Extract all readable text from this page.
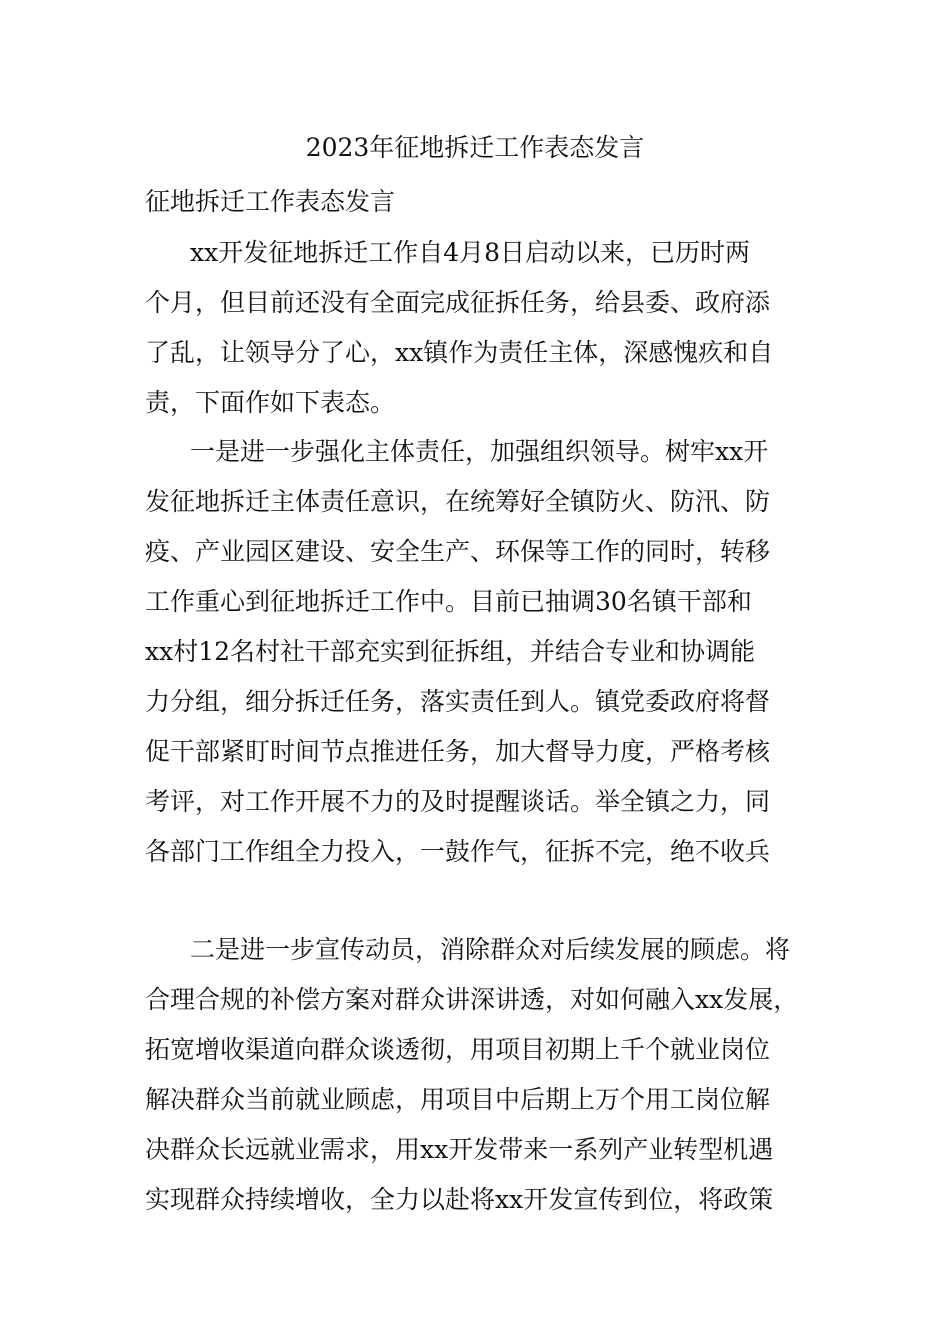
2023年征地拆迁工作表态发言
征地拆迁工作表态发言
xx开发征地拆迁工作自4月8日启动以来，已历时两
个月，但目前还没有全面完成征拆任务，给县委、政府添
了乱，让领导分了心，xx镇作为责任主体，深感愧疚和自
责，下面作如下表态。
一是进一步强化主体责任，加强组织领导。树牢xx开
发征地拆迁主体责任意识，在统筹好全镇防火、防汛、防
疫、产业园区建设、安全生产、环保等工作的同时，转移
工作重心到征地拆迁工作中。目前已抽调30名镇干部和
xx村12名村社干部充实到征拆组，并结合专业和协调能
力分组，细分拆迁任务，落实责任到人。镇党委政府将督
促干部紧盯时间节点推进任务，加大督导力度，严格考核
考评，对工作开展不力的及时提醒谈话。举全镇之力，同
各部门工作组全力投入，一鼓作气，征拆不完，绝不收兵
二是进一步宣传动员，消除群众对后续发展的顾虑。将
合理合规的补偿方案对群众讲深讲透，对如何融入xx发展，
拓宽增收渠道向群众谈透彻，用项目初期上千个就业岗位
解决群众当前就业顾虑，用项目中后期上万个用工岗位解
决群众长远就业需求，用xx开发带来一系列产业转型机遇
实现群众持续增收，全力以赴将xx开发宣传到位，将政策
